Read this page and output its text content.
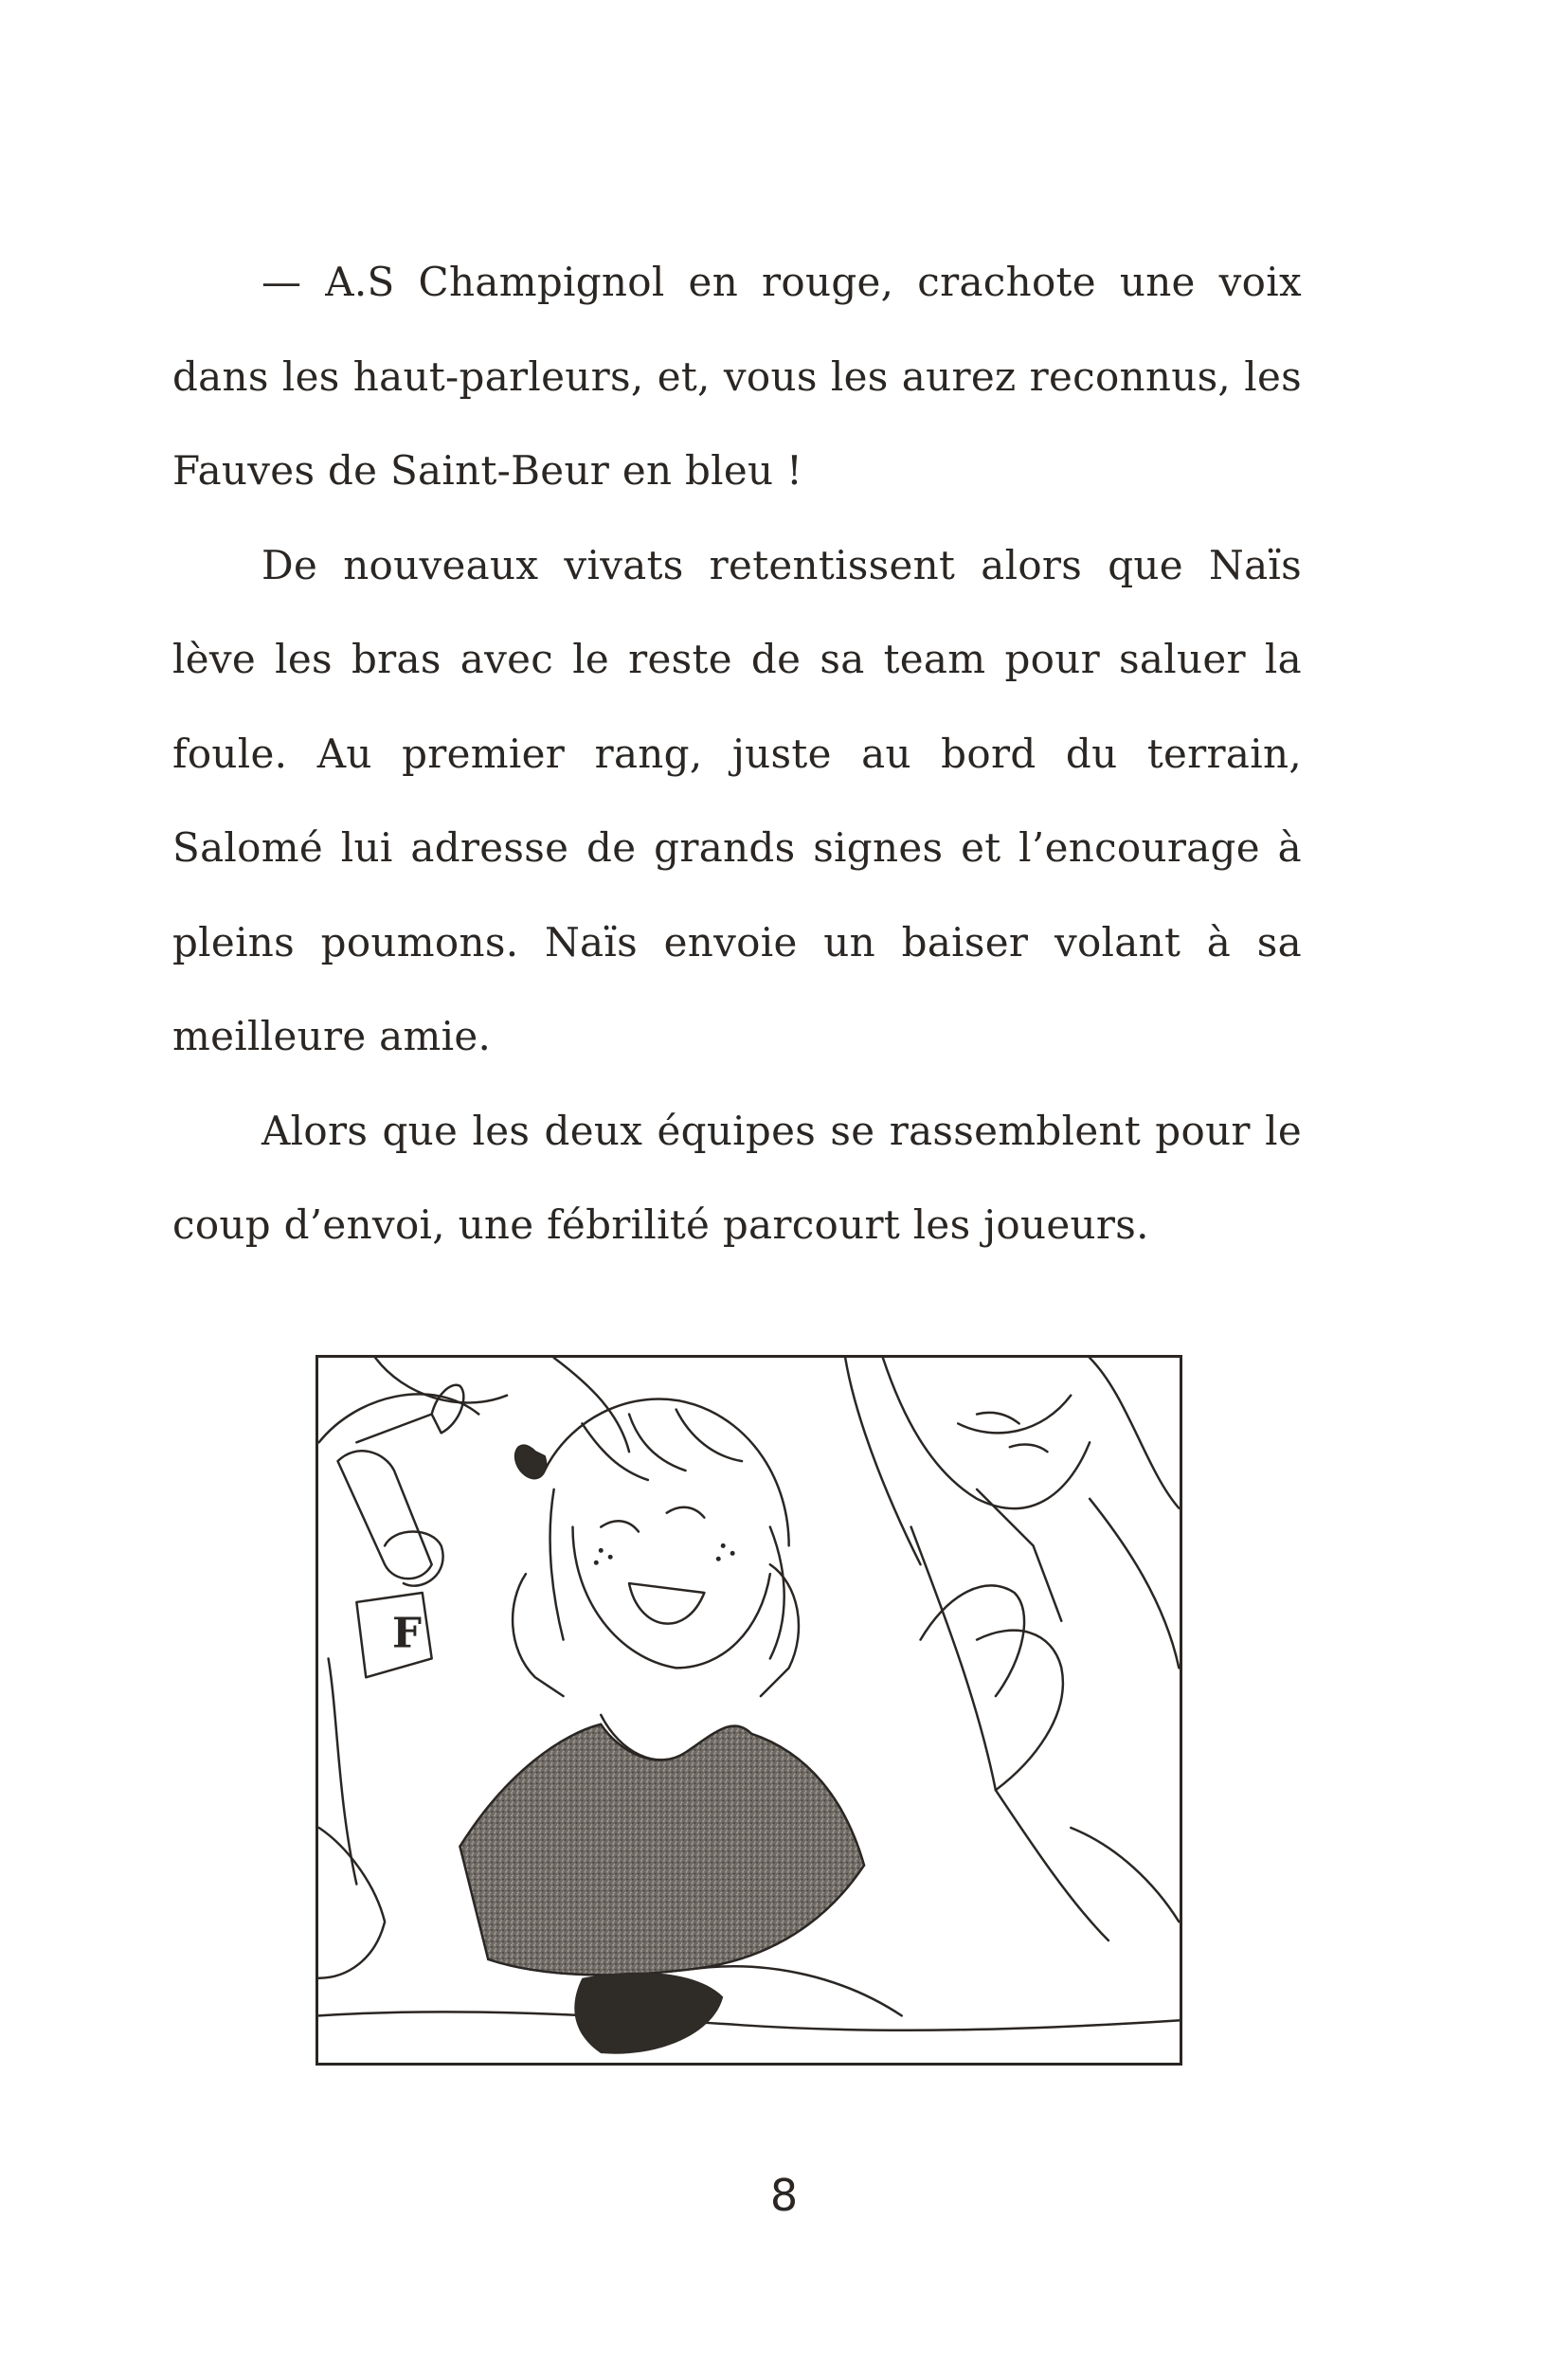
— A.S Champignol en rouge, crachote une voix dans les haut-parleurs, et, vous les aurez reconnus, les Fauves de Saint-Beur en bleu !

De nouveaux vivats retentissent alors que Naïs lève les bras avec le reste de sa team pour saluer la foule. Au premier rang, juste au bord du terrain, Salomé lui adresse de grands signes et l’encourage à pleins poumons. Naïs envoie un baiser volant à sa meilleure amie.

Alors que les deux équipes se rassemblent pour le coup d’envoi, une fébrilité parcourt les joueurs.

F
8
